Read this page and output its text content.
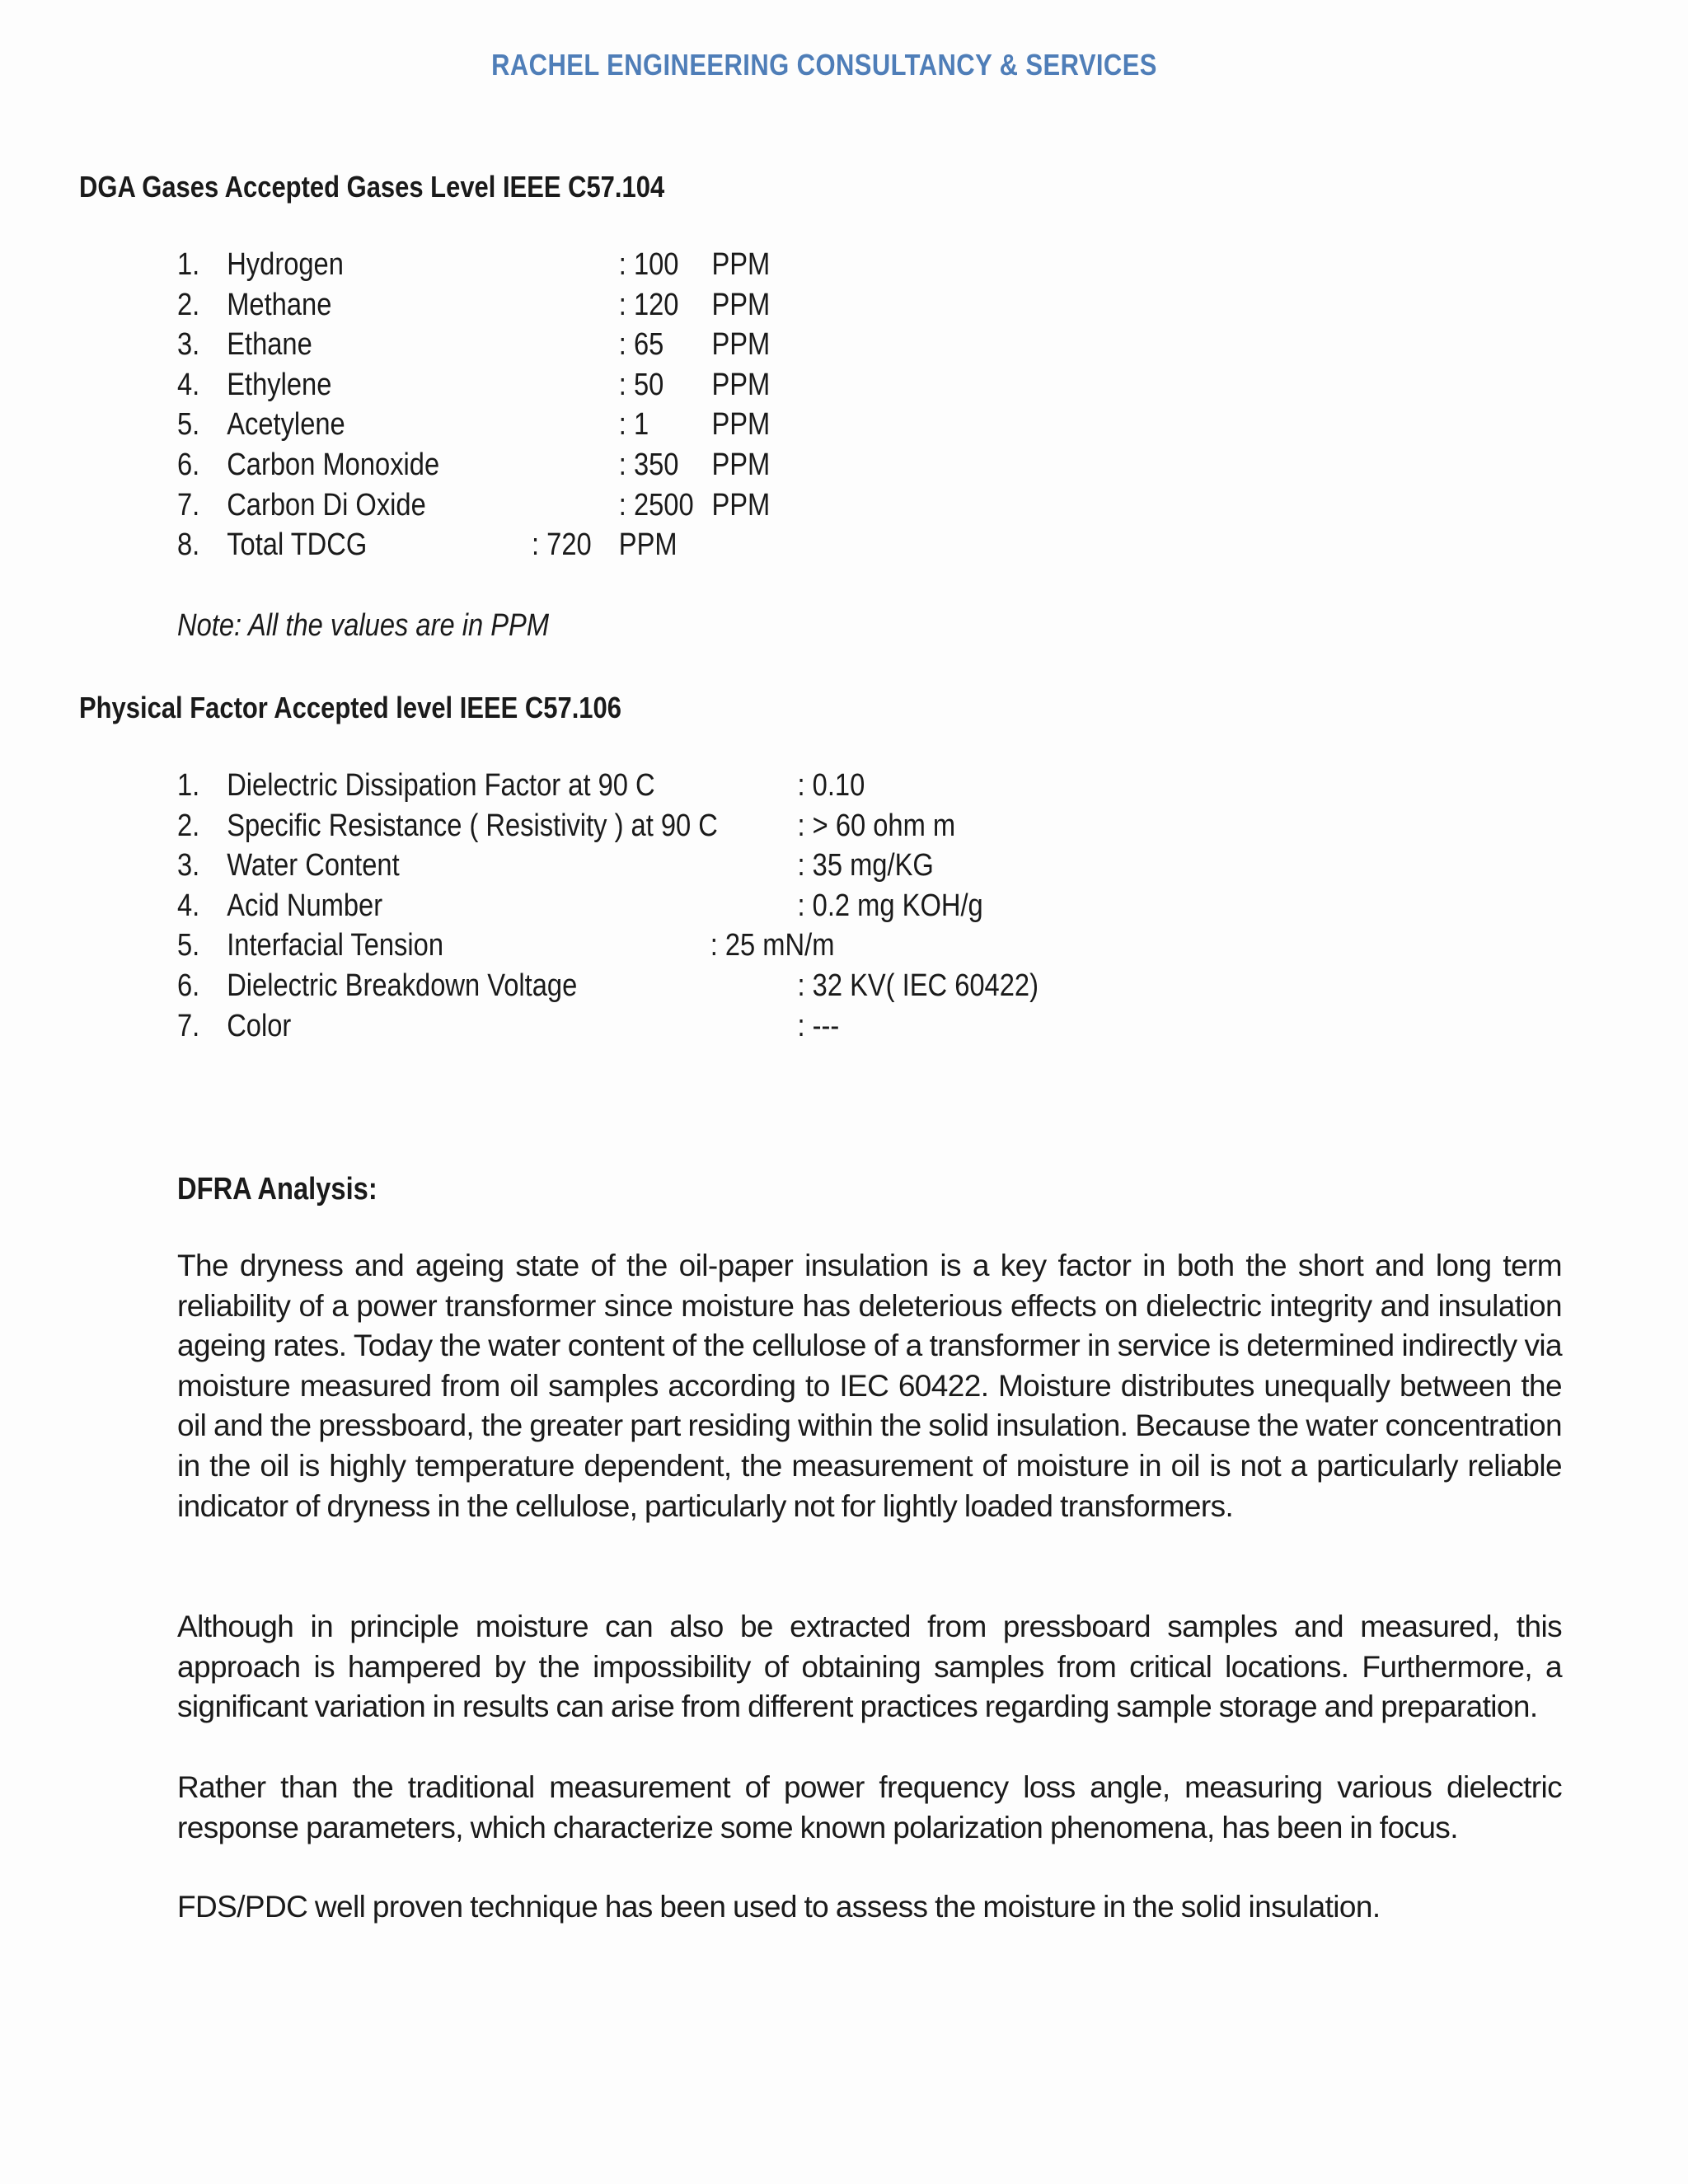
RACHEL ENGINEERING CONSULTANCY & SERVICES
DGA Gases Accepted Gases Level IEEE C57.104
1. Hydrogen	: 100 PPM
2. Methane	: 120 PPM
3. Ethane	: 65 PPM
4. Ethylene	: 50 PPM
5. Acetylene	: 1 PPM
6. Carbon Monoxide	: 350 PPM
7. Carbon Di Oxide	: 2500 PPM
8. Total TDCG	: 720 PPM
Note: All the values are in PPM
Physical Factor Accepted level IEEE C57.106
1. Dielectric Dissipation Factor at 90 C	: 0.10
2. Specific Resistance ( Resistivity ) at 90 C	: > 60 ohm m
3. Water Content	: 35 mg/KG
4. Acid Number	: 0.2 mg KOH/g
5. Interfacial Tension	: 25 mN/m
6. Dielectric Breakdown Voltage	: 32 KV( IEC 60422)
7. Color	: ---
DFRA Analysis:

The dryness and ageing state of the oil-paper insulation is a key factor in both the short and long term reliability of a power transformer since moisture has deleterious effects on dielectric integrity and insulation ageing rates. Today the water content of the cellulose of a transformer in service is determined indirectly via moisture measured from oil samples according to IEC 60422. Moisture distributes unequally between the oil and the pressboard, the greater part residing within the solid insulation. Because the water concentration in the oil is highly temperature dependent, the measurement of moisture in oil is not a particularly reliable indicator of dryness in the cellulose, particularly not for lightly loaded transformers.

Although in principle moisture can also be extracted from pressboard samples and measured, this approach is hampered by the impossibility of obtaining samples from critical locations. Furthermore, a significant variation in results can arise from different practices regarding sample storage and preparation.

Rather than the traditional measurement of power frequency loss angle, measuring various dielectric response parameters, which characterize some known polarization phenomena, has been in focus.

FDS/PDC well proven technique has been used to assess the moisture in the solid insulation.
